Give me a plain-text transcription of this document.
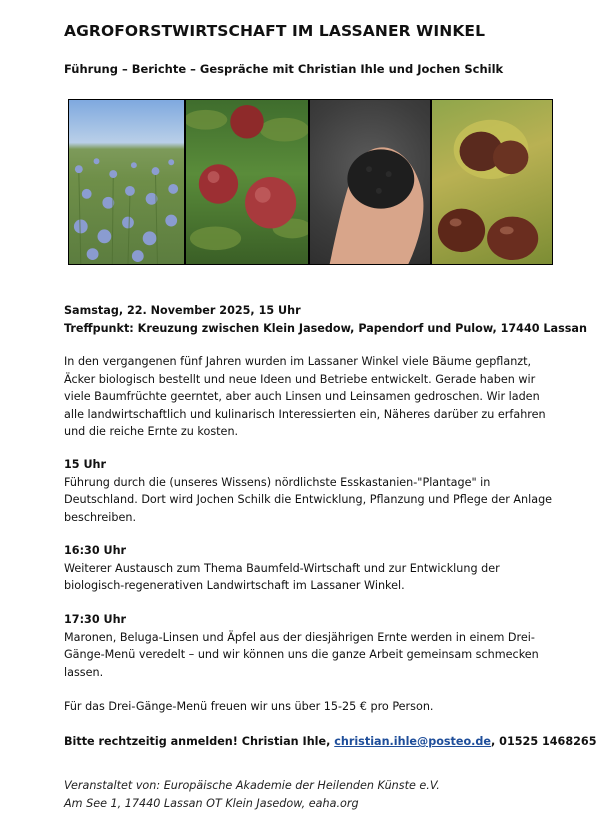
AGROFORSTWIRTSCHAFT IM LASSANER WINKEL
Führung – Berichte – Gespräche mit Christian Ihle und Jochen Schilk
Samstag, 22. November 2025, 15 Uhr
Treffpunkt: Kreuzung zwischen Klein Jasedow, Papendorf und Pulow, 17440 Lassan
In den vergangenen fünf Jahren wurden im Lassaner Winkel viele Bäume gepflanzt,
Äcker biologisch bestellt und neue Ideen und Betriebe entwickelt. Gerade haben wir
viele Baumfrüchte geerntet, aber auch Linsen und Leinsamen gedroschen. Wir laden
alle landwirtschaftlich und kulinarisch Interessierten ein, Näheres darüber zu erfahren
und die reiche Ernte zu kosten.
15 Uhr
Führung durch die (unseres Wissens) nördlichste Esskastanien-"Plantage" in
Deutschland. Dort wird Jochen Schilk die Entwicklung, Pflanzung und Pflege der Anlage
beschreiben.
16:30 Uhr
Weiterer Austausch zum Thema Baumfeld-Wirtschaft und zur Entwicklung der
biologisch-regenerativen Landwirtschaft im Lassaner Winkel.
17:30 Uhr
Maronen, Beluga-Linsen und Äpfel aus der diesjährigen Ernte werden in einem Drei-
Gänge-Menü veredelt – und wir können uns die ganze Arbeit gemeinsam schmecken
lassen.
Für das Drei-Gänge-Menü freuen wir uns über 15-25 € pro Person.
Bitte rechtzeitig anmelden! Christian Ihle, christian.ihle@posteo.de, 01525 1468265
Veranstaltet von: Europäische Akademie der Heilenden Künste e.V.
Am See 1, 17440 Lassan OT Klein Jasedow, eaha.org
